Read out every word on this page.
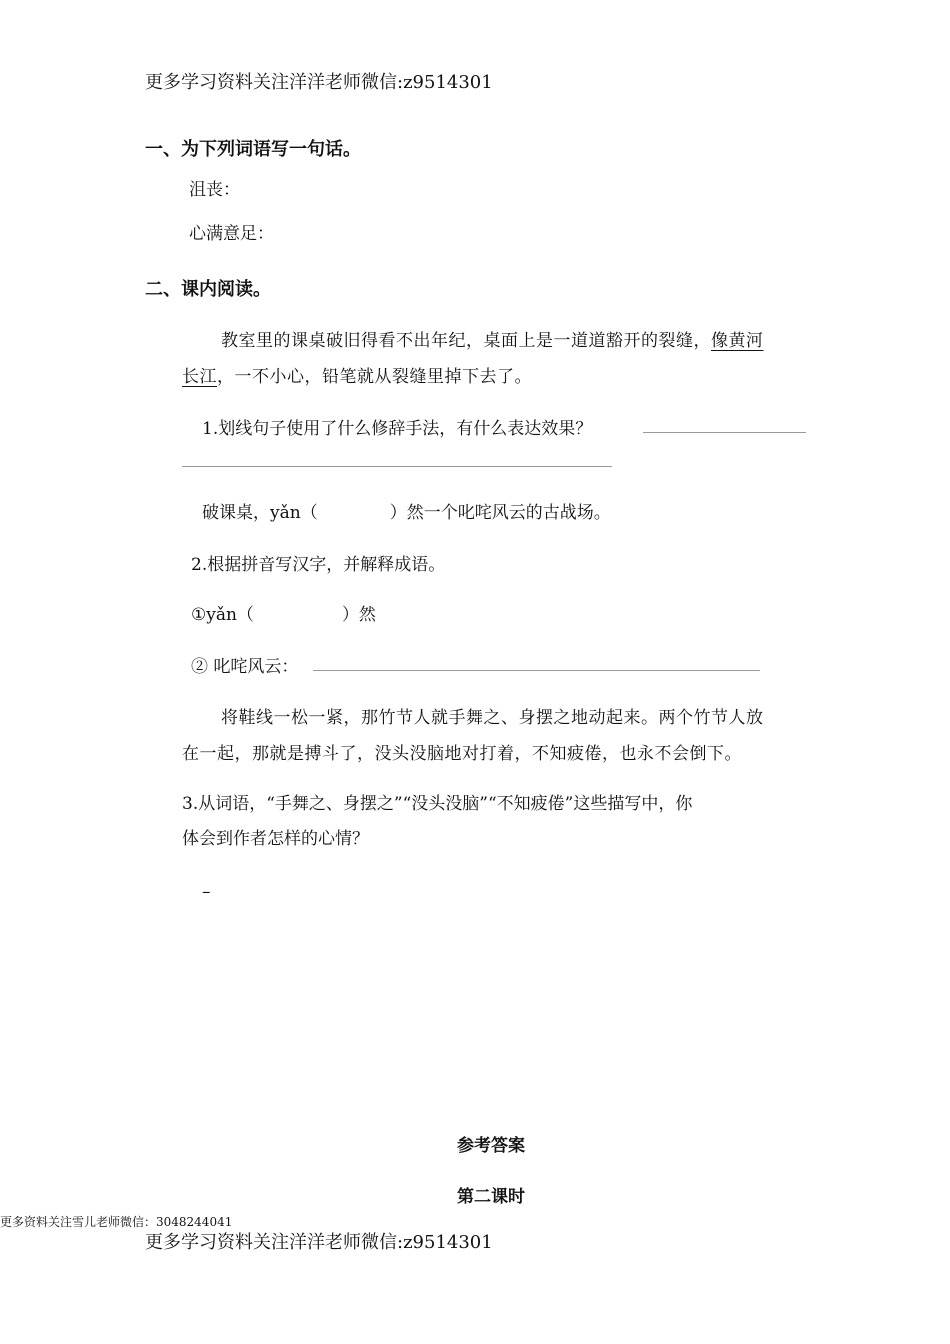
更多学习资料关注洋洋老师微信:z9514301
一、为下列词语写一句话。
沮丧：
心满意足：
二、课内阅读。
教室里的课桌破旧得看不出年纪，桌面上是一道道豁开的裂缝，像黄河
长江，一不小心，铅笔就从裂缝里掉下去了。
1.划线句子使用了什么修辞手法，有什么表达效果？
破课桌，yǎn（	）然一个叱咤风云的古战场。
2.根据拼音写汉字，并解释成语。
①yǎn（	）然
② 叱咤风云：
将鞋线一松一紧，那竹节人就手舞之、身摆之地动起来。两个竹节人放
在一起，那就是搏斗了，没头没脑地对打着，不知疲倦，也永不会倒下。
3.从词语，“手舞之、身摆之”“没头没脑”“不知疲倦”这些描写中，你
体会到作者怎样的心情？
–
参考答案
第二课时
更多资料关注雪儿老师微信：3048244041
更多学习资料关注洋洋老师微信:z9514301
